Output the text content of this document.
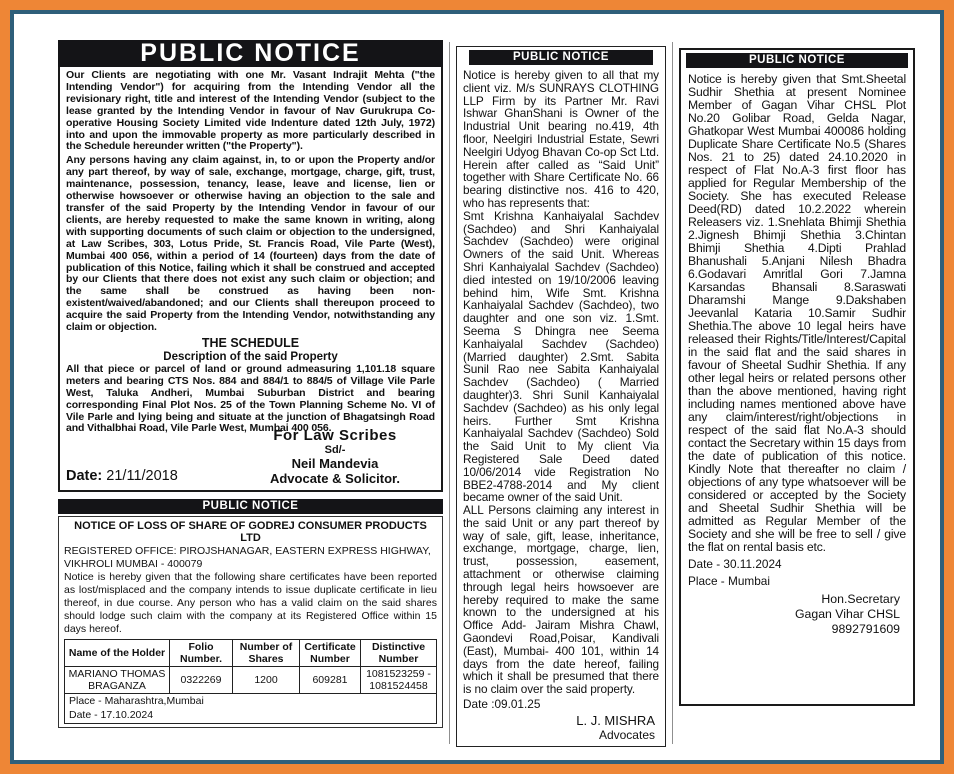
PUBLIC NOTICE

Our Clients are negotiating with one Mr. Vasant Indrajit Mehta ("the Intending Vendor") for acquiring from the Intending Vendor all the revisionary right, title and interest of the Intending Vendor (subject to the lease granted by the Intending Vendor in favour of Nav Gurukrupa Co-operative Housing Society Limited vide Indenture dated 12th July, 1972) into and upon the immovable property as more particularly described in the Schedule hereunder written ("the Property").

Any persons having any claim against, in, to or upon the Property and/or any part thereof, by way of sale, exchange, mortgage, charge, gift, trust, maintenance, possession, tenancy, lease, leave and license, lien or otherwise howsoever or otherwise having an objection to the sale and transfer of the said Property by the Intending Vendor in favour of our clients, are hereby requested to make the same known in writing, along with supporting documents of such claim or objection to the undersigned, at Law Scribes, 303, Lotus Pride, St. Francis Road, Vile Parte (West), Mumbai 400 056, within a period of 14 (fourteen) days from the date of publication of this Notice, failing which it shall be construed and accepted by our Clients that there does not exist any such claim or objection; and the same shall be construed as having been non-existent/waived/abandoned; and our Clients shall thereupon proceed to acquire the said Property from the Intending Vendor, notwithstanding any claim or objection.

THE SCHEDULE
Description of the said Property

All that piece or parcel of land or ground admeasuring 1,101.18 square meters and bearing CTS Nos. 884 and 884/1 to 884/5 of Village Vile Parle West, Taluka Andheri, Mumbai Suburban District and bearing corresponding Final Plot Nos. 25 of the Town Planning Scheme No. VI of Vile Parle and lying being and situate at the junction of Bhagatsingh Road and Vithalbhai Road, Vile Parle West, Mumbai 400 056.

Date: 21/11/2018
For Law Scribes
Sd/-
Neil Mandevia
Advocate & Solicitor.
PUBLIC NOTICE
NOTICE OF LOSS OF SHARE OF GODREJ CONSUMER PRODUCTS LTD
REGISTERED OFFICE: PIROJSHANAGAR, EASTERN EXPRESS HIGHWAY, VIKHROLI MUMBAI - 400079

Notice is hereby given that the following share certificates have been reported as lost/misplaced and the company intends to issue duplicate certificate in lieu thereof, in due course. Any person who has a valid claim on the said shares should lodge such claim with the company at its Registered Office within 15 days hereof.

Name of the Holder	Folio Number.	Number of Shares	Certificate Number	Distinctive Number
MARIANO THOMAS BRAGANZA	0322269	1200	609281	1081523259 - 1081524458

Place - Maharashtra,Mumbai
Date - 17.10.2024				
PUBLIC NOTICE

Notice is hereby given to all that my client viz. M/s SUNRAYS CLOTHING LLP Firm by its Partner Mr. Ravi Ishwar GhanShani is Owner of the Industrial Unit bearing no.419, 4th floor, Neelgiri Industrial Estate, Sewri Neelgiri Udyog Bhavan Co-op Sct Ltd. Herein after called as “Said Unit” together with Share Certificate No. 66 bearing distinctive nos. 416 to 420, who has represents that:

Smt Krishna Kanhaiyalal Sachdev (Sachdeo) and Shri Kanhaiyalal Sachdev (Sachdeo) were original Owners of the said Unit. Whereas Shri Kanhaiyalal Sachdev (Sachdeo) died intested on 19/10/2006 leaving behind him, Wife Smt. Krishna Kanhaiyalal Sachdev (Sachdeo), two daughter and one son viz. 1.Smt. Seema S Dhingra nee Seema Kanhaiyalal Sachdev (Sachdeo)(Married daughter) 2.Smt. Sabita Sunil Rao nee Sabita Kanhaiyalal Sachdev (Sachdeo) ( Married daughter)3. Shri Sunil Kanhaiyalal Sachdev (Sachdeo) as his only legal heirs. Further Smt Krishna Kanhaiyalal Sachdev (Sachdeo) Sold the Said Unit to My client Via Registered Sale Deed dated 10/06/2014 vide Registration No BBE2-4788-2014 and My client became owner of the said Unit.

ALL Persons claiming any interest in the said Unit or any part thereof by way of sale, gift, lease, inheritance, exchange, mortgage, charge, lien, trust, possession, easement, attachment or otherwise claiming through legal heirs howsoever are hereby required to make the same known to the undersigned at his Office Add- Jairam Mishra Chawl, Gaondevi Road,Poisar, Kandivali (East), Mumbai- 400 101, within 14 days from the date hereof, failing which it shall be presumed that there is no claim over the said property.

Date :09.01.25
L. J. MISHRA
Advocates
PUBLIC NOTICE

Notice is hereby given that Smt.Sheetal Sudhir Shethia at present Nominee Member of Gagan Vihar CHSL Plot No.20 Golibar Road, Gelda Nagar, Ghatkopar West Mumbai 400086 holding Duplicate Share Certificate No.5 (Shares Nos. 21 to 25) dated 24.10.2020 in respect of Flat No.A-3 first floor has applied for Regular Membership of the Society. She has executed Release Deed(RD) dated 10.2.2022 wherein Releasers viz. 1.Snehlata Bhimji Shethia 2.Jignesh Bhimji Shethia 3.Chintan Bhimji Shethia 4.Dipti Prahlad Bhanushali 5.Anjani Nilesh Bhadra 6.Godavari Amritlal Gori 7.Jamna Karsandas Bhansali 8.Saraswati Dharamshi Mange 9.Dakshaben Jeevanlal Kataria 10.Samir Sudhir Shethia.The above 10 legal heirs have released their Rights/Title/Interest/Capital in the said flat and the said shares in favour of Sheetal Sudhir Shethia. If any other legal heirs or related persons other than the above mentioned, having right including names mentioned above have any claim/interest/right/objections in respect of the said flat No.A-3 should contact the Secretary within 15 days from the date of publication of this notice. Kindly Note that thereafter no claim / objections of any type whatsoever will be considered or accepted by the Society and Sheetal Sudhir Shethia will be admitted as Regular Member of the Society and she will be free to sell / give the flat on rental basis etc.

Date - 30.11.2024
Place - Mumbai
Hon.Secretary
Gagan Vihar CHSL
9892791609
